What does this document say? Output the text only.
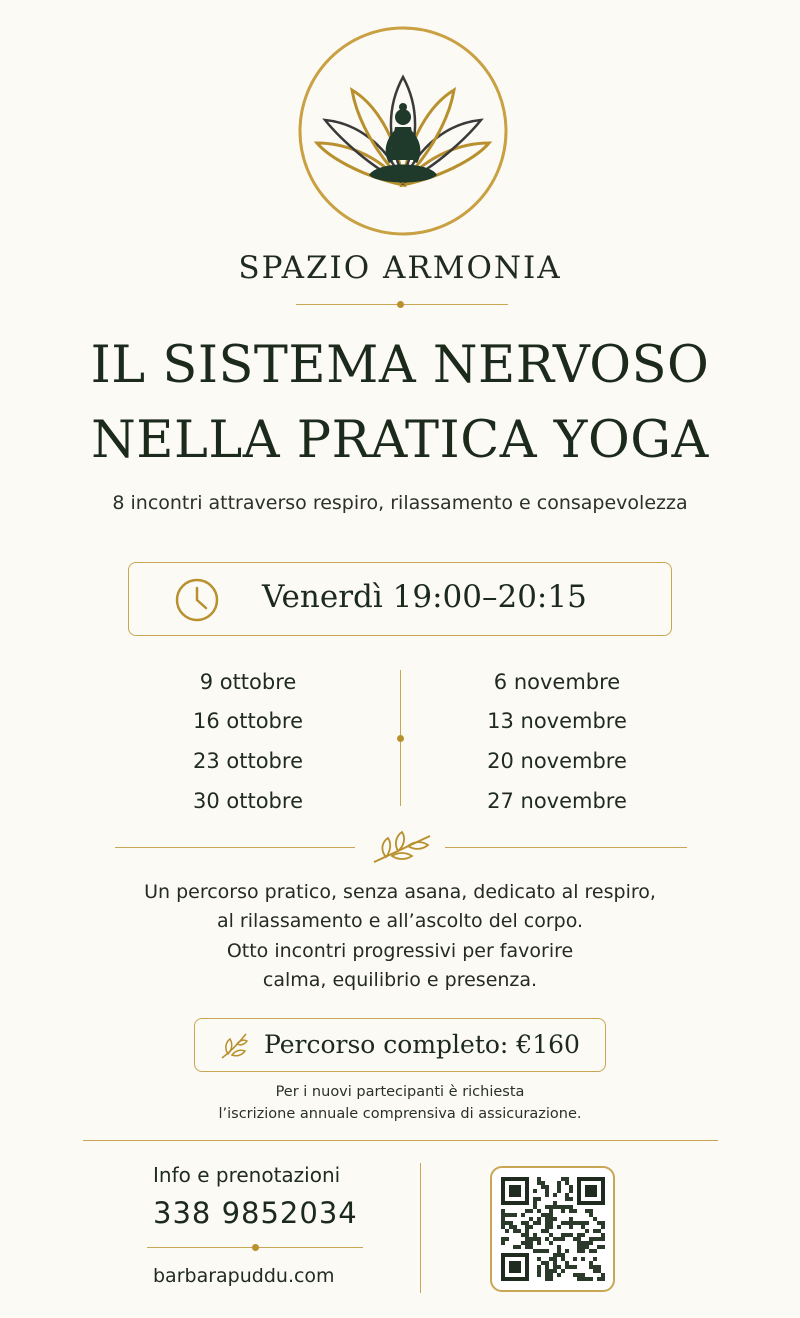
SPAZIO ARMONIA
IL SISTEMA NERVOSO
NELLA PRATICA YOGA
8 incontri attraverso respiro, rilassamento e consapevolezza
Venerdì 19:00–20:15
9 ottobre
16 ottobre
23 ottobre
30 ottobre
6 novembre
13 novembre
20 novembre
27 novembre
Un percorso pratico, senza asana, dedicato al respiro,
al rilassamento e all’ascolto del corpo.
Otto incontri progressivi per favorire
calma, equilibrio e presenza.
Percorso completo: €160
Per i nuovi partecipanti è richiesta
l’iscrizione annuale comprensiva di assicurazione.
Info e prenotazioni
338 9852034
barbarapuddu.com
